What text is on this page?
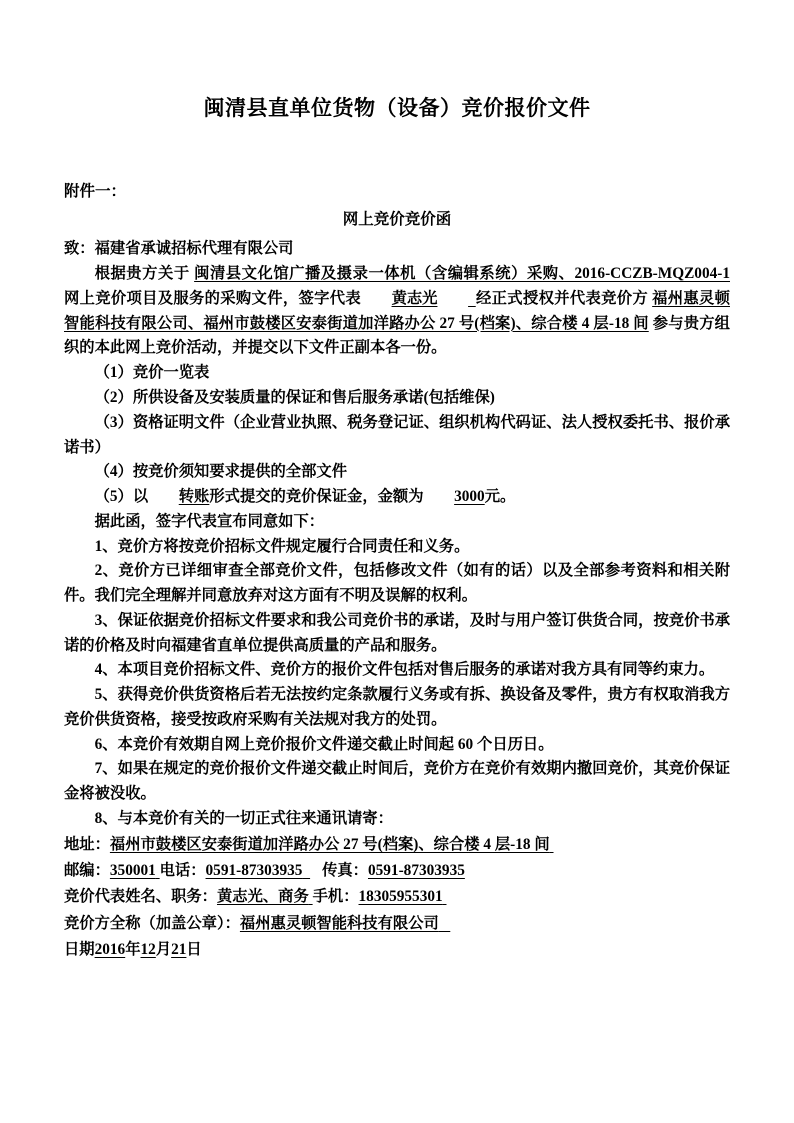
闽清县直单位货物（设备）竞价报价文件
附件一：
网上竞价竞价函

致：福建省承诚招标代理有限公司

根据贵方关于 闽清县文化馆广播及摄录一体机（含编辑系统）采购、2016-CCZB-MQZ004-1 网上竞价项目及服务的采购文件，签字代表 黄志光	经正式授权并代表竞价方 福州惠灵顿智能科技有限公司、福州市鼓楼区安泰街道加洋路办公 27 号(档案)、综合楼 4 层-18 间 参与贵方组织的本此网上竞价活动，并提交以下文件正副本各一份。

（1）竞价一览表

（2）所供设备及安装质量的保证和售后服务承诺(包括维保)

（3）资格证明文件（企业营业执照、税务登记证、组织机构代码证、法人授权委托书、报价承诺书）

（4）按竞价须知要求提供的全部文件

（5）以 转账形式提交的竞价保证金，金额为 3000元。

据此函，签字代表宣布同意如下：

1、竞价方将按竞价招标文件规定履行合同责任和义务。

2、竞价方已详细审查全部竞价文件，包括修改文件（如有的话）以及全部参考资料和相关附件。我们完全理解并同意放弃对这方面有不明及误解的权利。

3、保证依据竞价招标文件要求和我公司竞价书的承诺，及时与用户签订供货合同，按竞价书承诺的价格及时向福建省直单位提供高质量的产品和服务。

4、本项目竞价招标文件、竞价方的报价文件包括对售后服务的承诺对我方具有同等约束力。

5、获得竞价供货资格后若无法按约定条款履行义务或有拆、换设备及零件，贵方有权取消我方竞价供货资格，接受按政府采购有关法规对我方的处罚。

6、本竞价有效期自网上竞价报价文件递交截止时间起 60 个日历日。

7、如果在规定的竞价报价文件递交截止时间后，竞价方在竞价有效期内撤回竞价，其竞价保证金将被没收。

8、与本竞价有关的一切正式往来通讯请寄：

地址：福州市鼓楼区安泰街道加洋路办公 27 号(档案)、综合楼 4 层-18 间

邮编：350001 电话：0591-87303935 传真：0591-87303935

竞价代表姓名、职务：黄志光、商务 手机：18305955301

竞价方全称（加盖公章）：福州惠灵顿智能科技有限公司

日期2016年12月21日
